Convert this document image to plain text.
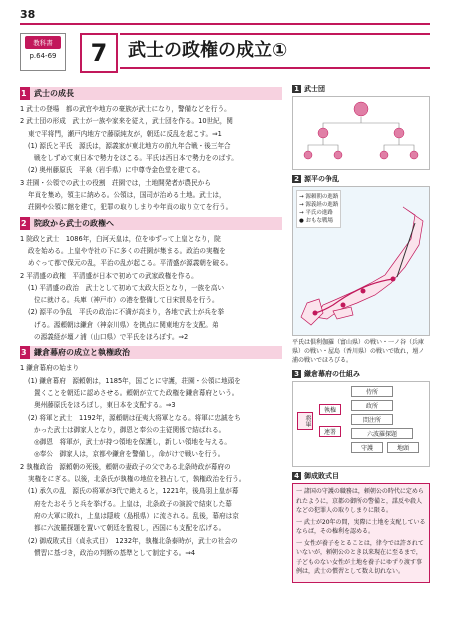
38
教科書
p.64-69	7	武士の政権の成立①
1 武士の成長

1 武士の登場　都の武官や地方の豪族が武士になり，警備などを行う。

2 武士団の形成　武士が一族や家来を従え，武士団を作る。10世紀，関

東で平将門，瀬戸内地方で藤原純友が，朝廷に反乱を起こす。⇒1

(1) 源氏と平氏　源氏は，源義家が東北地方の前九年合戦・後三年合

戦をしずめて東日本で勢力をほこる。平氏は西日本で勢力をのばす。

(2) 奥州藤原氏　平泉（岩手県）に中尊寺金色堂を建てる。

3 荘園・公領での武士の役割　荘園では，土地開発者が農民から

年貢を集め，領主に納める。公領は，国司が治める土地。武士は，

荘園や公領に館を建て，犯罪の取りしまりや年貢の取り立てを行う。

2 院政から武士の政権へ

1 院政と武士　1086年，白河天皇は，位をゆずって上皇となり，院

政を始める。上皇や寺社の下に多くの荘園が集まる。政治の実権を

めぐって都で保元の乱，平治の乱が起こる。平清盛が源義朝を破る。

2 平清盛の政権　平清盛が日本で初めての武家政権を作る。

(1) 平清盛の政治　武士として初めて太政大臣となり，一族を高い

位に就ける。兵庫（神戸市）の港を整備して日宋貿易を行う。

(2) 源平の争乱　平氏の政治に不満が高まり，各地で武士が兵を挙

げる。源頼朝は鎌倉（神奈川県）を拠点に関東地方を支配。弟

の源義経が壇ノ浦（山口県）で平氏をほろぼす。⇒2

3 鎌倉幕府の成立と執権政治

1 鎌倉幕府の始まり

(1) 鎌倉幕府　源頼朝は，1185年，国ごとに守護，荘園・公領に地頭を

置くことを朝廷に認めさせる。頼朝が立てた政権を鎌倉幕府という。

奥州藤原氏をほろぼし，東日本を支配する。⇒3

(2) 将軍と武士　1192年，源頼朝は征夷大将軍となる。将軍に忠誠をち

かった武士は御家人となり，御恩と奉公の主従関係で結ばれる。

◎御恩　将軍が，武士が持つ領地を保護し，新しい領地を与える。

◎奉公　御家人は，京都や鎌倉を警備し，命がけで戦いを行う。

2 執権政治　源頼朝の死後，頼朝の妻政子の父である北条時政が幕府の

実権をにぎる。以後，北条氏が執権の地位を独占して，執権政治を行う。

(1) 承久の乱　源氏の将軍が3代で絶えると，1221年，後鳥羽上皇が幕

府をたおそうと兵を挙げる。上皇は，北条政子の演説で結束した幕

府の大軍に敗れ，上皇は隠岐（島根県）に流される。乱後，幕府は京

都に六波羅探題を置いて朝廷を監視し，西国にも支配を広げる。

(2) 御成敗式目（貞永式目）　1232年，執権北条泰時が，武士の社会の

慣習に基づき，政治の判断の基準として制定する。⇒4

1 武士団
2 源平の争乱
→ 源頼朝の進路
→ 源義経の進路
→ 平氏の進路
● おもな戦場
平氏は倶利伽羅（富山県）の戦い・一ノ谷（兵庫県）の戦い・屋島（香川県）の戦いで敗れ，壇ノ浦の戦いでほろびる。
3 鎌倉幕府の仕組み
将軍
執権
連署
侍所
政所
問注所
六波羅探題
守護	地頭
4 御成敗式目
一 諸国の守護の職務は，頼朝公の時代に定められたように，京都の御所の警備と，謀反や殺人などの犯罪人の取りしまりに限る。
一 武士が20年の間，実際に土地を支配しているならば，その権利を認める。
一 女性が養子をとることは，律令では許されていないが，頼朝公のとき以来現在に至るまで，子どものない女性が土地を養子にゆずり渡す事例は，武士の慣習として数え切れない。
